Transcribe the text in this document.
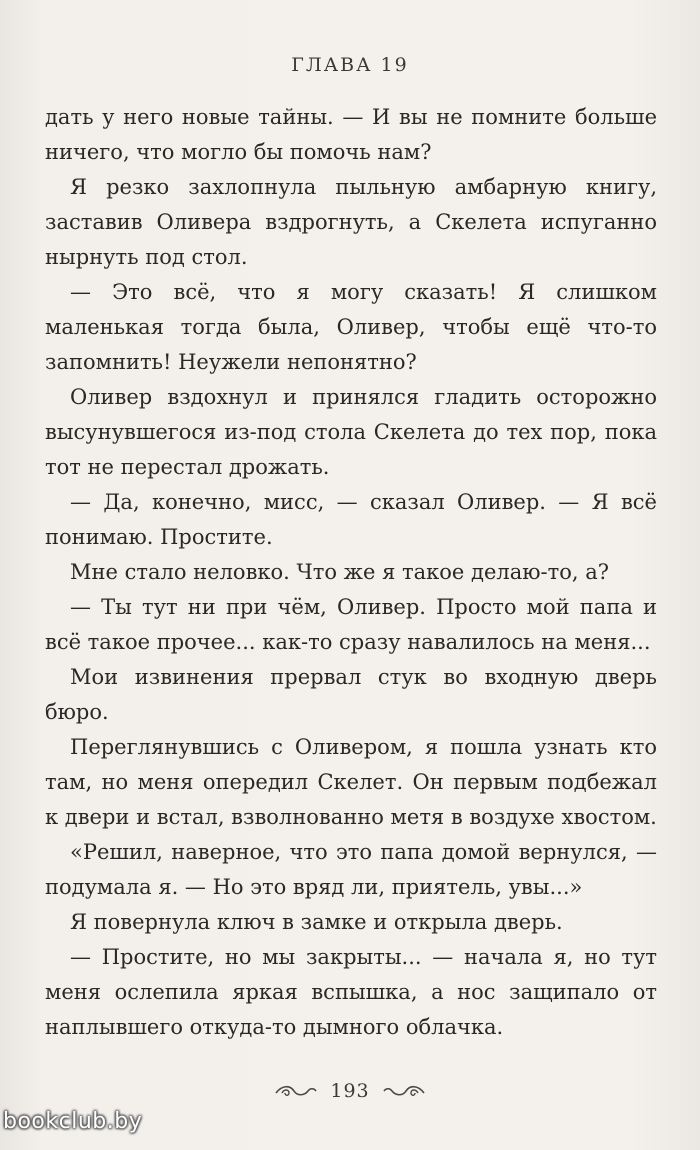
ГЛАВА 19

дать у него новые тайны. — И вы не помните больше ничего, что могло бы помочь нам?

Я резко захлопнула пыльную амбарную книгу, заставив Оливера вздрогнуть, а Скелета испуганно нырнуть под стол.

— Это всё, что я могу сказать! Я слишком маленькая тогда была, Оливер, чтобы ещё что-то запомнить! Неужели непонятно?

Оливер вздохнул и принялся гладить осторожно высунувшегося из-под стола Скелета до тех пор, пока тот не перестал дрожать.

— Да, конечно, мисс, — сказал Оливер. — Я всё понимаю. Простите.

Мне стало неловко. Что же я такое делаю-то, а?

— Ты тут ни при чём, Оливер. Просто мой папа и всё такое прочее... как-то сразу навалилось на меня...

Мои извинения прервал стук во входную дверь бюро.

Переглянувшись с Оливером, я пошла узнать кто там, но меня опередил Скелет. Он первым подбежал к двери и встал, взволнованно метя в воздухе хвостом.

«Решил, наверное, что это папа домой вернулся, — подумала я. — Но это вряд ли, приятель, увы...»

Я повернула ключ в замке и открыла дверь.

— Простите, но мы закрыты... — начала я, но тут меня ослепила яркая вспышка, а нос защипало от наплывшего откуда-то дымного облачка.

193
bookclub.by
